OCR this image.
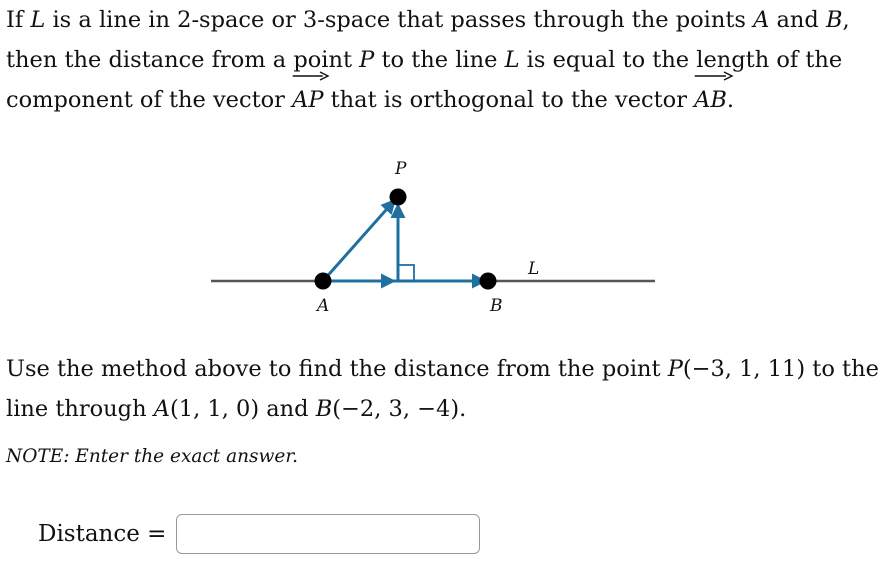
If L is a line in 2-space or 3-space that passes through the points A and B, then the distance from a point P to the line L is equal to the length of the component of the vector
AP that is orthogonal to the vector
AB.

P
A	B
L

Use the method above to find the distance from the point P(−3, 1, 11) to the line through A(1, 1, 0) and B(−2, 3, −4).

NOTE: Enter the exact answer.
Distance =
